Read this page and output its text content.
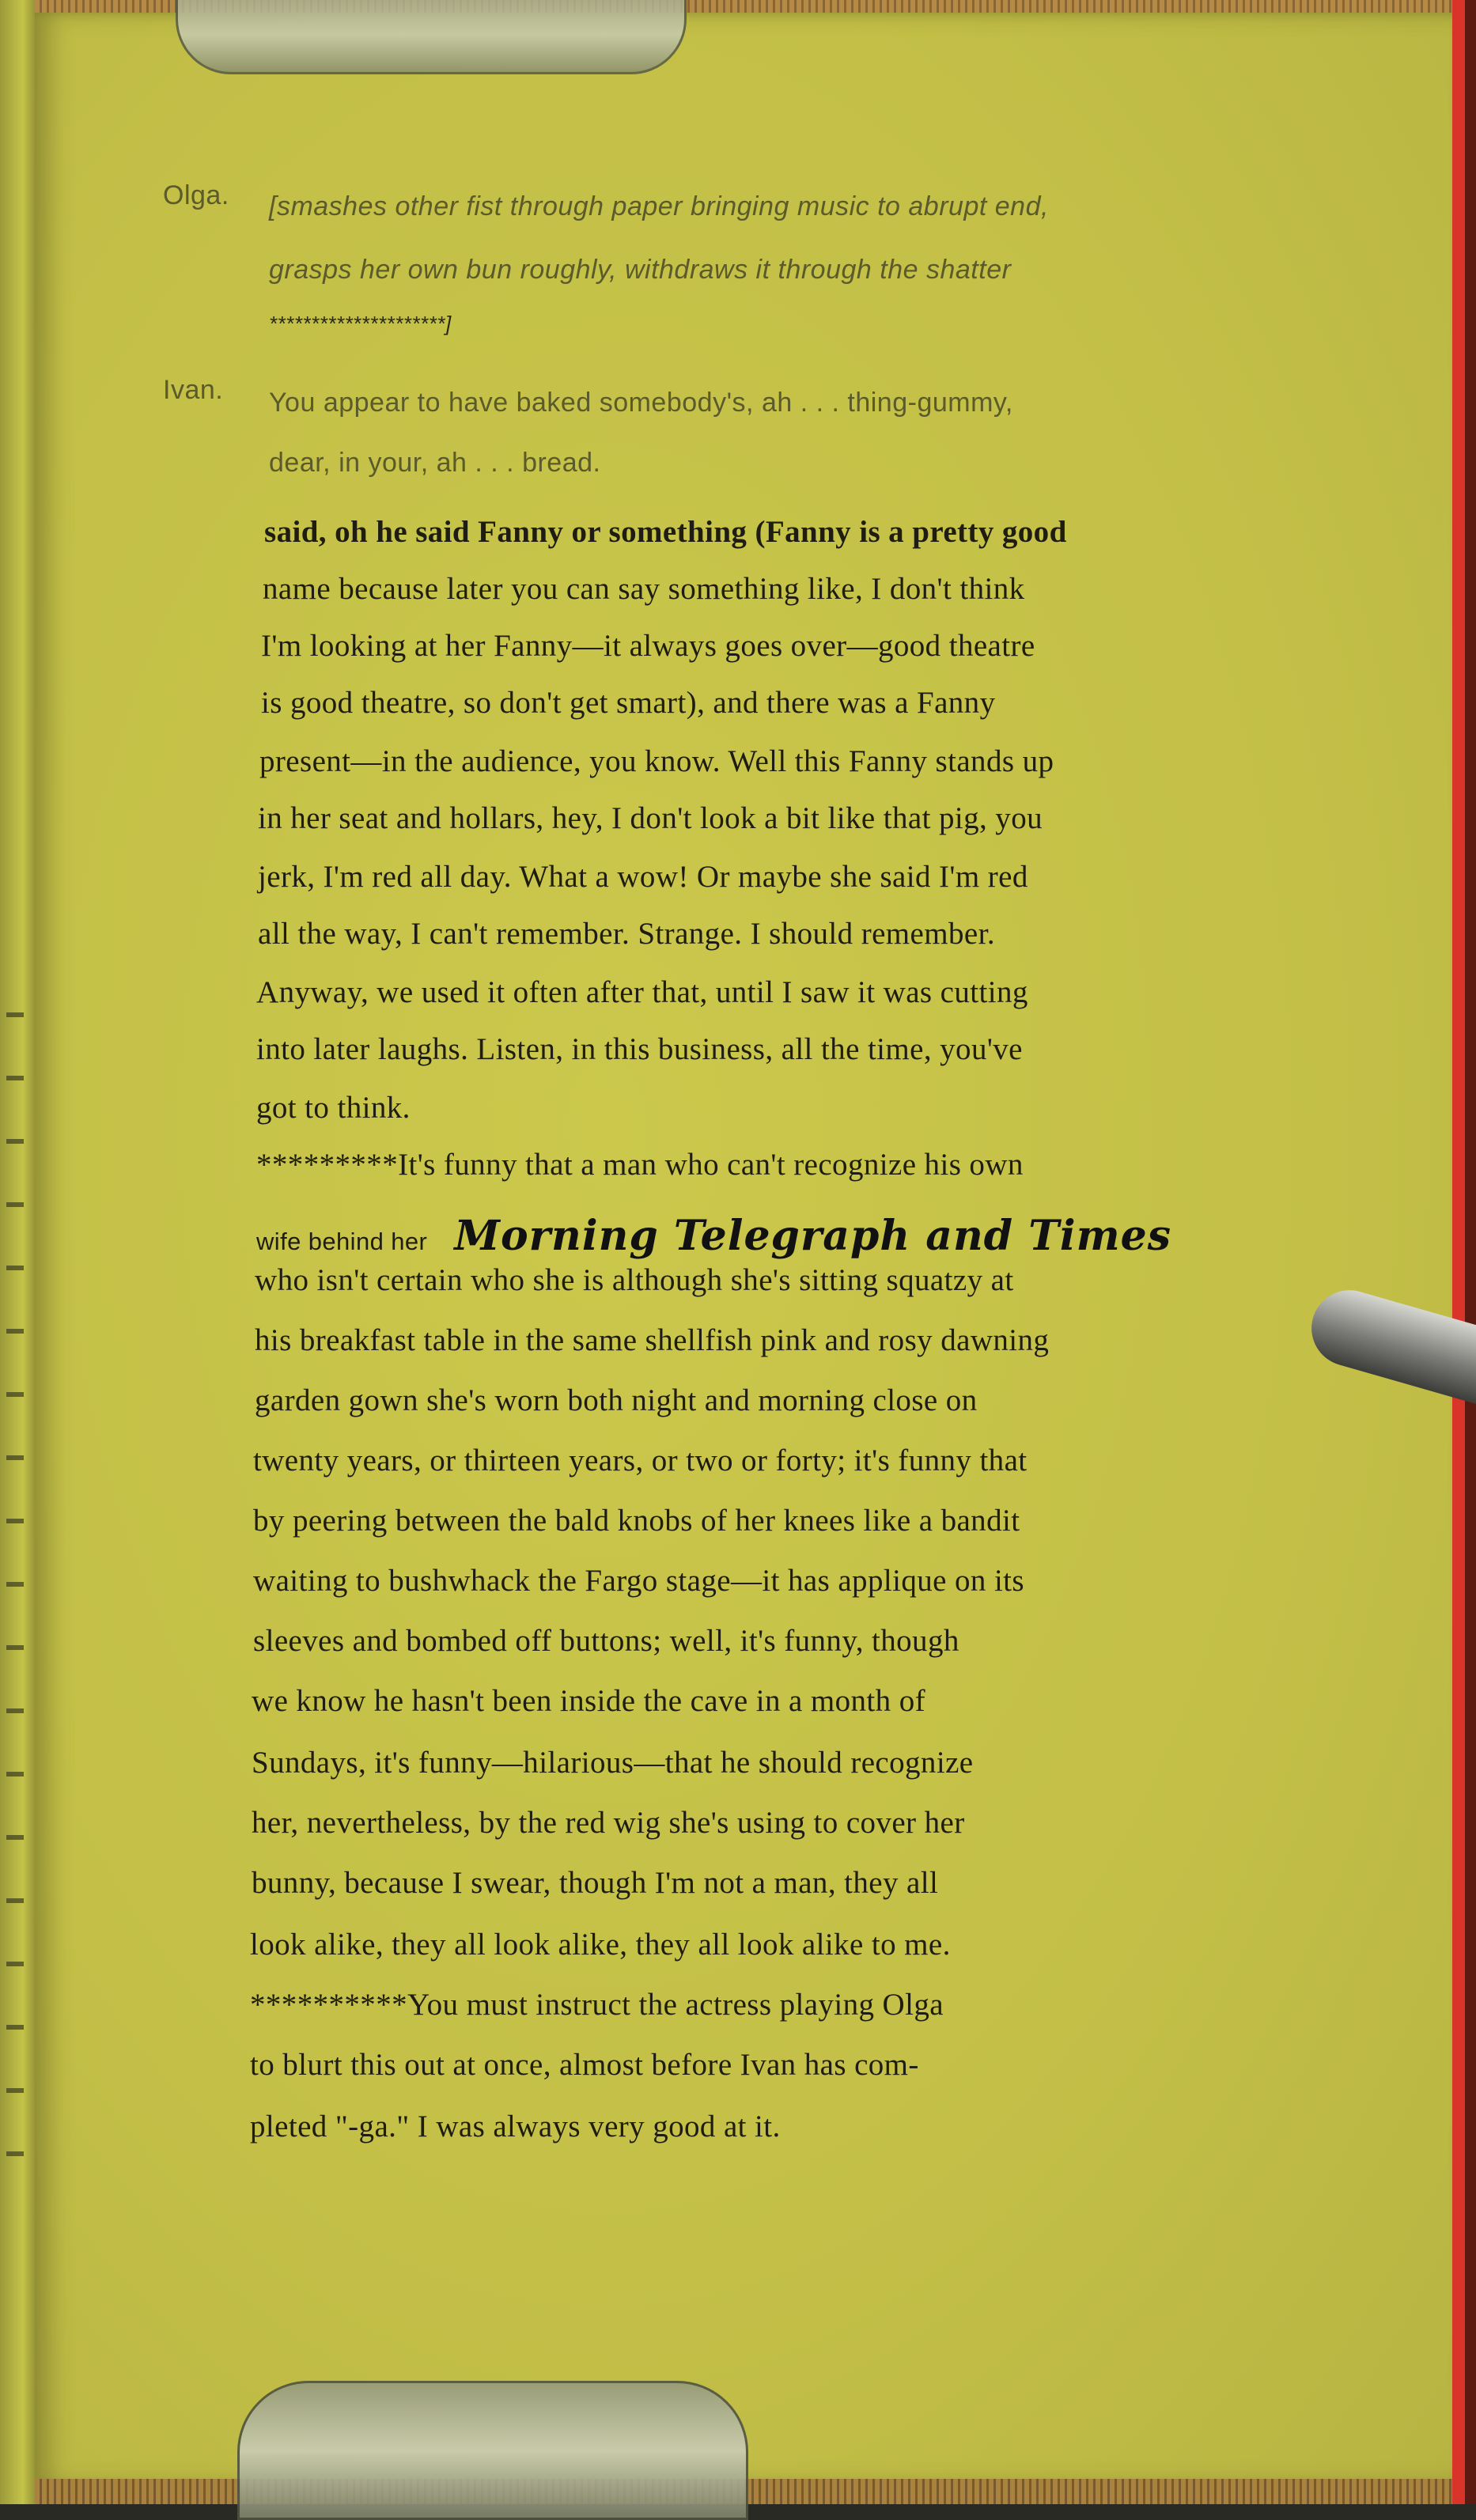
Olga. [smashes other fist through paper bringing music to abrupt end,
grasps her own bun roughly, withdraws it through the shatter
*********************]
Ivan. You appear to have baked somebody's, ah . . . thing-gummy,
dear, in your, ah . . . bread.
said, oh he said Fanny or something (Fanny is a pretty good
name because later you can say something like, I don't think
I'm looking at her Fanny—it always goes over—good theatre
is good theatre, so don't get smart), and there was a Fanny
present—in the audience, you know. Well this Fanny stands up
in her seat and hollars, hey, I don't look a bit like that pig, you
jerk, I'm red all day. What a wow! Or maybe she said I'm red
all the way, I can't remember. Strange. I should remember.
Anyway, we used it often after that, until I saw it was cutting
into later laughs. Listen, in this business, all the time, you've
got to think.
*********It's funny that a man who can't recognize his own
wife behind her Morning Telegraph and Times
who isn't certain who she is although she's sitting squatzy at
his breakfast table in the same shellfish pink and rosy dawning
garden gown she's worn both night and morning close on
twenty years, or thirteen years, or two or forty; it's funny that
by peering between the bald knobs of her knees like a bandit
waiting to bushwhack the Fargo stage—it has applique on its
sleeves and bombed off buttons; well, it's funny, though
we know he hasn't been inside the cave in a month of
Sundays, it's funny—hilarious—that he should recognize
her, nevertheless, by the red wig she's using to cover her
bunny, because I swear, though I'm not a man, they all
look alike, they all look alike, they all look alike to me.
**********You must instruct the actress playing Olga
to blurt this out at once, almost before Ivan has com-
pleted "-ga." I was always very good at it.
